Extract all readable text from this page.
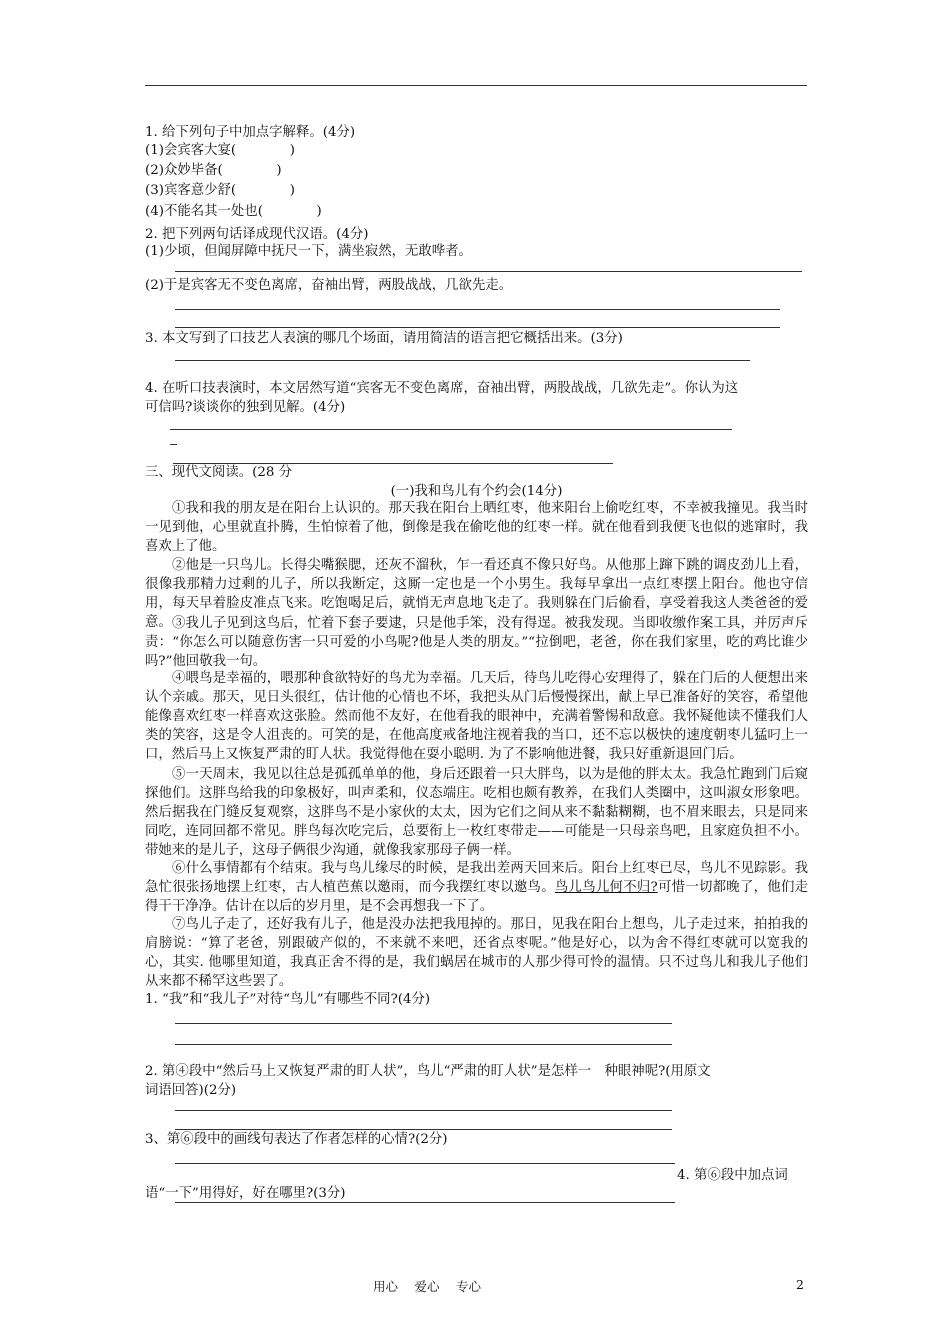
1. 给下列句子中加点字解释。(4分)
(1)会宾客大宴(　　　　)
(2)众妙毕备(　　　　)
(3)宾客意少舒(　　　　)
(4)不能名其一处也(　　　　)
2. 把下列两句话译成现代汉语。(4分)
(1)少顷，但闻屏障中抚尺一下，满坐寂然，无敢哗者。
(2)于是宾客无不变色离席，奋袖出臂，两股战战，几欲先走。
3. 本文写到了口技艺人表演的哪几个场面，请用简洁的语言把它概括出来。(3分)
4. 在听口技表演时，本文居然写道“宾客无不变色离席，奋袖出臂，两股战战，几欲先走”。你认为这
可信吗?谈谈你的独到见解。(4分)
三、现代文阅读。(28 分
(一)我和鸟儿有个约会(14分)
①我和我的朋友是在阳台上认识的。那天我在阳台上晒红枣，他来阳台上偷吃红枣，不幸被我撞见。我当时一见到他，心里就直扑腾，生怕惊着了他，倒像是我在偷吃他的红枣一样。就在他看到我便飞也似的逃窜时，我喜欢上了他。
②他是一只鸟儿。长得尖嘴猴腮，还灰不溜秋，乍一看还真不像只好鸟。从他那上蹿下跳的调皮劲儿上看，很像我那精力过剩的儿子，所以我断定，这厮一定也是一个小男生。我每早拿出一点红枣摆上阳台。他也守信用，每天早着脸皮准点飞来。吃饱喝足后，就悄无声息地飞走了。我则躲在门后偷看，享受着我这人类爸爸的爱意。 ③我儿子见到这鸟后，忙着下套子要逮，只是他手笨，没有得逞。被我发现。当即收缴作案工具，并厉声斥责：“你怎么可以随意伤害一只可爱的小鸟呢?他是人类的朋友。”“拉倒吧，老爸，你在我们家里，吃的鸡比谁少吗?”他回敬我一句。
④喂鸟是幸福的，喂那种食欲特好的鸟尤为幸福。几天后，待鸟儿吃得心安理得了，躲在门后的人便想出来认个亲戚。那天，见日头很红，估计他的心情也不坏，我把头从门后慢慢探出，献上早已准备好的笑容，希望他能像喜欢红枣一样喜欢这张脸。然而他不友好，在他看我的眼神中，充满着警惕和敌意。我怀疑他读不懂我们人类的笑容，这是令人沮丧的。可笑的是，在他高度戒备地注视着我的当口，还不忘以极快的速度朝枣儿猛叼上一口，然后马上又恢复严肃的盯人状。我觉得他在耍小聪明. 为了不影响他进餐，我只好重新退回门后。
⑤一天周末，我见以往总是孤孤单单的他，身后还跟着一只大胖鸟，以为是他的胖太太。我急忙跑到门后窥探他们。这胖鸟给我的印象极好，叫声柔和，仪态端庄。吃相也颇有教养，在我们人类圈中，这叫淑女形象吧。然后据我在门缝反复观察，这胖鸟不是小家伙的太太，因为它们之间从来不黏黏糊糊，也不眉来眼去，只是同来同吃，连同回都不常见。胖鸟每次吃完后，总要衔上一枚红枣带走——可能是一只母亲鸟吧，且家庭负担不小。带她来的是儿子，这母子俩很少沟通，就像我家那母子俩一样。
⑥什么事情都有个结束。我与鸟儿缘尽的时候，是我出差两天回来后。阳台上红枣已尽，鸟儿不见踪影。我急忙很张扬地摆上红枣，古人植芭蕉以邀雨，而今我摆红枣以邀鸟。鸟儿鸟儿何不归?可惜一切都晚了，他们走得干干净净。估计在以后的岁月里，是不会再想我一下了。
⑦鸟儿子走了，还好我有儿子，他是没办法把我甩掉的。那日，见我在阳台上想鸟，儿子走过来，拍拍我的肩膀说：“算了老爸，别跟破产似的，不来就不来吧，还省点枣呢。”他是好心，以为舍不得红枣就可以宽我的心，其实. 他哪里知道，我真正舍不得的是，我们蜗居在城市的人那少得可怜的温情。只不过鸟儿和我儿子他们从来都不稀罕这些罢了。
1. “我”和“我儿子”对待“鸟儿”有哪些不同?(4分)
2. 第④段中“然后马上又恢复严肃的盯人状”，鸟儿“严肃的盯人状”是怎样一　种眼神呢?(用原文
词语回答)(2分)
3、第⑥段中的画线句表达了作者怎样的心情?(2分)
4. 第⑥段中加点词
语“一下”用得好，好在哪里?(3分)
用心　 爱心　 专心	2
